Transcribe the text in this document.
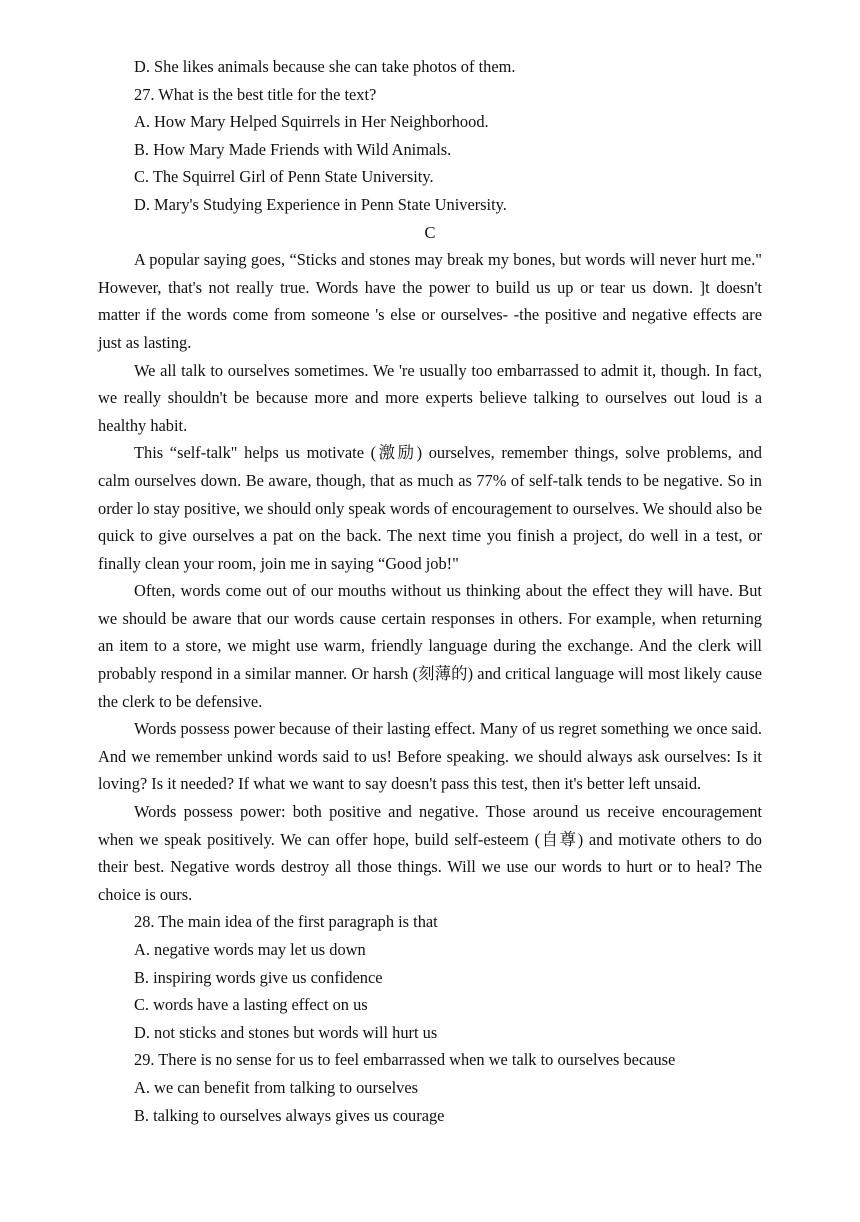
D. She likes animals because she can take photos of them.

27. What is the best title for the text?

A. How Mary Helped Squirrels in Her Neighborhood.

B. How Mary Made Friends with Wild Animals.

C. The Squirrel Girl of Penn State University.

D. Mary's Studying Experience in Penn State University.

C

A popular saying goes, “Sticks and stones may break my bones, but words will never hurt me." However, that's not really true. Words have the power to build us up or tear us down. ]t doesn't matter if the words come from someone 's else or ourselves- -the positive and negative effects are just as lasting.

We all talk to ourselves sometimes. We 're usually too embarrassed to admit it, though. In fact, we really shouldn't be because more and more experts believe talking to ourselves out loud is a healthy habit.

This “self-talk" helps us motivate (激励) ourselves, remember things, solve problems, and calm ourselves down. Be aware, though, that as much as 77% of self-talk tends to be negative. So in order lo stay positive, we should only speak words of encouragement to ourselves. We should also be quick to give ourselves a pat on the back. The next time you finish a project, do well in a test, or finally clean your room, join me in saying “Good job!"

Often, words come out of our mouths without us thinking about the effect they will have. But we should be aware that our words cause certain responses in others. For example, when returning an item to a store, we might use warm, friendly language during the exchange. And the clerk will probably respond in a similar manner. Or harsh (刻薄的) and critical language will most likely cause the clerk to be defensive.

Words possess power because of their lasting effect. Many of us regret something we once said. And we remember unkind words said to us! Before speaking. we should always ask ourselves: Is it loving? Is it needed? If what we want to say doesn't pass this test, then it's better left unsaid.

Words possess power: both positive and negative. Those around us receive encouragement when we speak positively. We can offer hope, build self-esteem (自尊) and motivate others to do their best. Negative words destroy all those things. Will we use our words to hurt or to heal? The choice is ours.

28. The main idea of the first paragraph is that

A. negative words may let us down

B. inspiring words give us confidence

C. words have a lasting effect on us

D. not sticks and stones but words will hurt us

29. There is no sense for us to feel embarrassed when we talk to ourselves because

A. we can benefit from talking to ourselves

B. talking to ourselves always gives us courage
